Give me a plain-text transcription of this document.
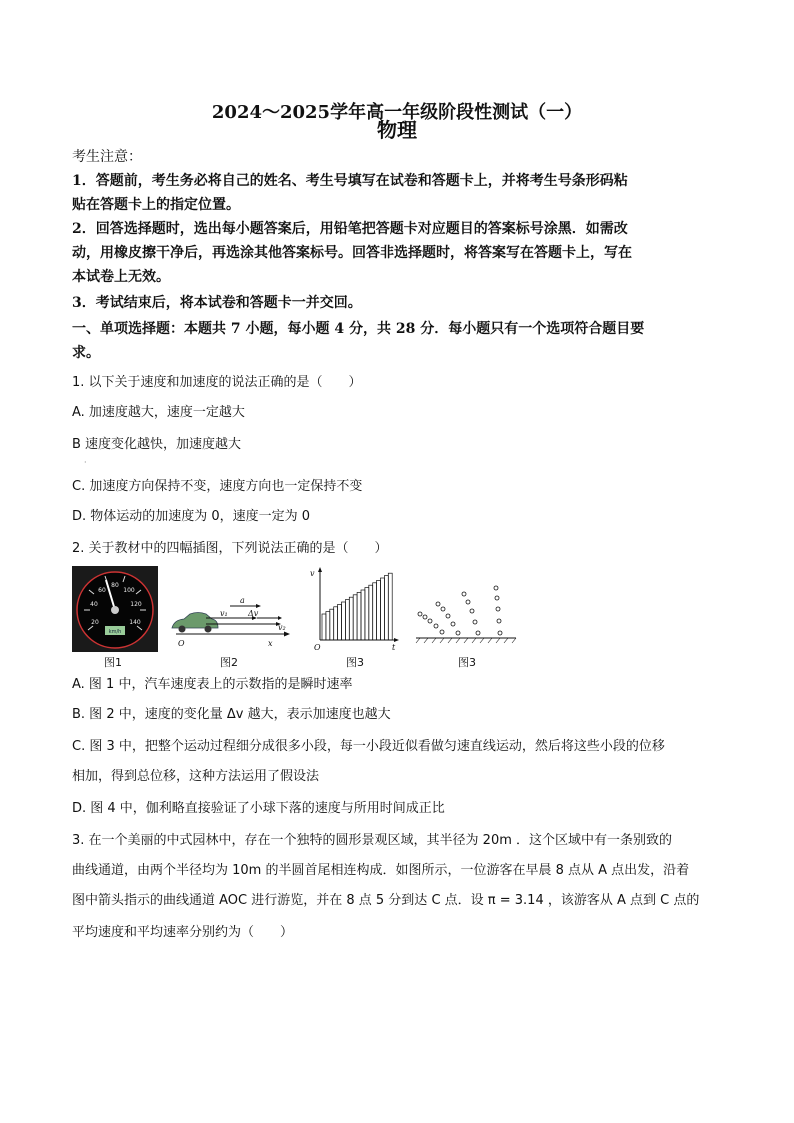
2024～2025学年高一年级阶段性测试（一）
物理
考生注意：
1．答题前，考生务必将自己的姓名、考生号填写在试卷和答题卡上，并将考生号条形码粘
贴在答题卡上的指定位置。
2．回答选择题时，选出每小题答案后，用铅笔把答题卡对应题目的答案标号涂黑．如需改
动，用橡皮擦干净后，再选涂其他答案标号。回答非选择题时，将答案写在答题卡上，写在
本试卷上无效。
3．考试结束后，将本试卷和答题卡一并交回。
一、单项选择题：本题共 7 小题，每小题 4 分，共 28 分．每小题只有一个选项符合题目要
求。
1. 以下关于速度和加速度的说法正确的是（　　）
A. 加速度越大，速度一定越大
B 速度变化越快，加速度越大
·
C. 加速度方向保持不变，速度方向也一定保持不变
D. 物体运动的加速度为 0，速度一定为 0
2. 关于教材中的四幅插图，下列说法正确的是（　　）
20
40
60
80
100
120
140
km/h
v₁
a
Δv
v₂
O	x
v
O	t
图1	图2	图3	图3
A. 图 1 中，汽车速度表上的示数指的是瞬时速率
B. 图 2 中，速度的变化量 Δv 越大，表示加速度也越大
C. 图 3 中，把整个运动过程细分成很多小段，每一小段近似看做匀速直线运动，然后将这些小段的位移
相加，得到总位移，这种方法运用了假设法
D. 图 4 中，伽利略直接验证了小球下落的速度与所用时间成正比
3. 在一个美丽的中式园林中，存在一个独特的圆形景观区域，其半径为 20m ．这个区域中有一条别致的
曲线通道，由两个半径均为 10m 的半圆首尾相连构成．如图所示，一位游客在早晨 8 点从 A 点出发，沿着
图中箭头指示的曲线通道 AOC 进行游览，并在 8 点 5 分到达 C 点．设 π = 3.14 ，该游客从 A 点到 C 点的
平均速度和平均速率分别约为（　　）
